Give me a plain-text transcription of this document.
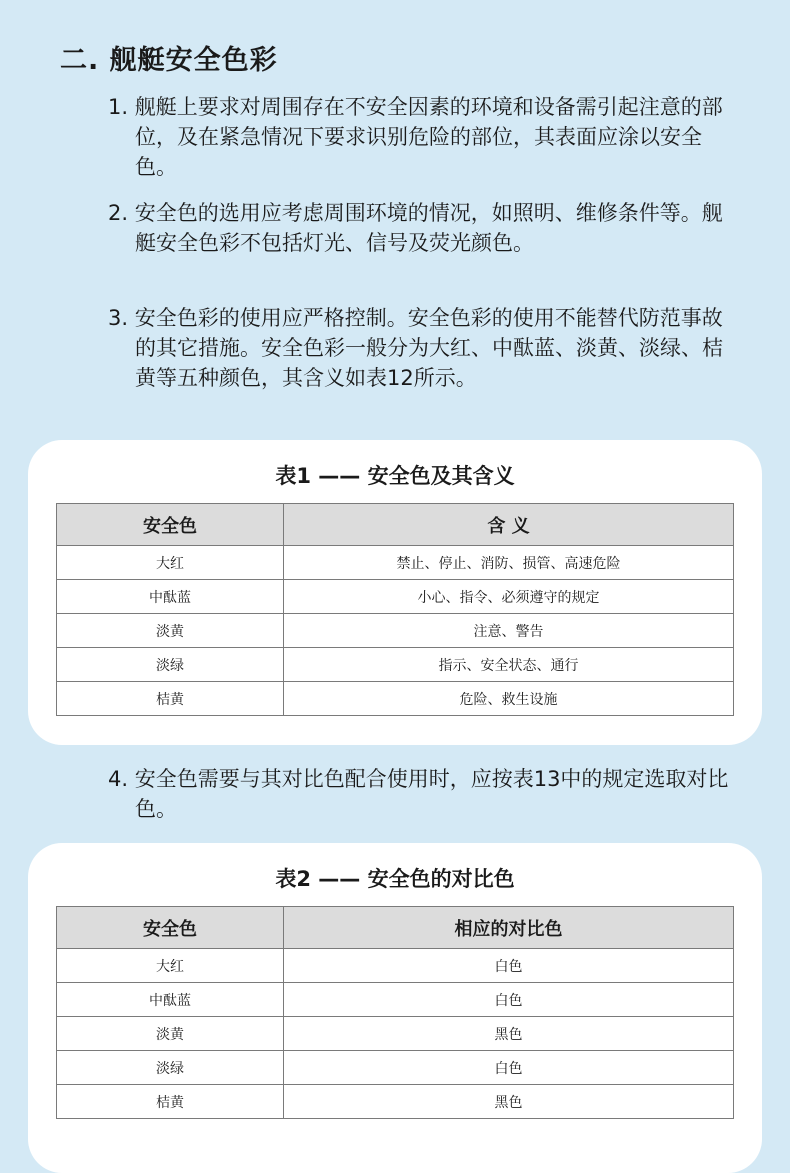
二. 舰艇安全色彩

1. 舰艇上要求对周围存在不安全因素的环境和设备需引起注意的部位，及在紧急情况下要求识别危险的部位，其表面应涂以安全色。

2. 安全色的选用应考虑周围环境的情况，如照明、维修条件等。舰艇安全色彩不包括灯光、信号及荧光颜色。

3. 安全色彩的使用应严格控制。安全色彩的使用不能替代防范事故的其它措施。安全色彩一般分为大红、中酞蓝、淡黄、淡绿、桔黄等五种颜色，其含义如表12所示。

表1 —— 安全色及其含义
安全色	含 义
大红	禁止、停止、消防、损管、高速危险
中酞蓝	小心、指令、必须遵守的规定
淡黄	注意、警告
淡绿	指示、安全状态、通行
桔黄	危险、救生设施

4. 安全色需要与其对比色配合使用时，应按表13中的规定选取对比色。

表2 —— 安全色的对比色
安全色	相应的对比色
大红	白色
中酞蓝	白色
淡黄	黑色
淡绿	白色
桔黄	黑色
